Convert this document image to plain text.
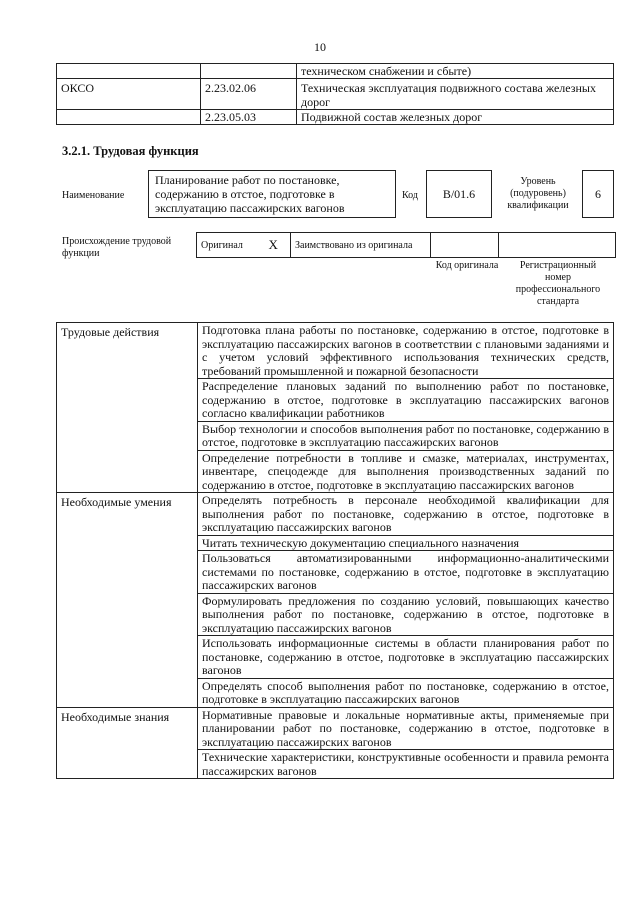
10
		техническом снабжении и сбыте)
ОКСО	2.23.02.06	Техническая эксплуатация подвижного состава железных дорог
	2.23.05.03	Подвижной состав железных дорог
3.2.1. Трудовая функция
Наименование
Планирование работ по постановке, содержанию в отстое, подготовке в эксплуатацию пассажирских вагонов
Код	B/01.6
Уровень (подуровень) квалификации
6
Происхождение трудовой функции
Оригинал	X	Заимствовано из оригинала		
Код оригинала	Регистрационный номер профессионального стандарта
Трудовые действия	Подготовка плана работы по постановке, содержанию в отстое, подготовке в эксплуатацию пассажирских вагонов в соответствии с плановыми заданиями и с учетом условий эффективного использования технических средств, требований промышленной и пожарной безопасности
	Распределение плановых заданий по выполнению работ по постановке, содержанию в отстое, подготовке в эксплуатацию пассажирских вагонов согласно квалификации работников
	Выбор технологии и способов выполнения работ по постановке, содержанию в отстое, подготовке в эксплуатацию пассажирских вагонов
	Определение потребности в топливе и смазке, материалах, инструментах, инвентаре, спецодежде для выполнения производственных заданий по содержанию в отстое, подготовке в эксплуатацию пассажирских вагонов
Необходимые умения	Определять потребность в персонале необходимой квалификации для выполнения работ по постановке, содержанию в отстое, подготовке в эксплуатацию пассажирских вагонов
	Читать техническую документацию специального назначения
	Пользоваться автоматизированными информационно-аналитическими системами по постановке, содержанию в отстое, подготовке в эксплуатацию пассажирских вагонов
	Формулировать предложения по созданию условий, повышающих качество выполнения работ по постановке, содержанию в отстое, подготовке в эксплуатацию пассажирских вагонов
	Использовать информационные системы в области планирования работ по постановке, содержанию в отстое, подготовке в эксплуатацию пассажирских вагонов
	Определять способ выполнения работ по постановке, содержанию в отстое, подготовке в эксплуатацию пассажирских вагонов
Необходимые знания	Нормативные правовые и локальные нормативные акты, применяемые при планировании работ по постановке, содержанию в отстое, подготовке в эксплуатацию пассажирских вагонов
	Технические характеристики, конструктивные особенности и правила ремонта пассажирских вагонов
